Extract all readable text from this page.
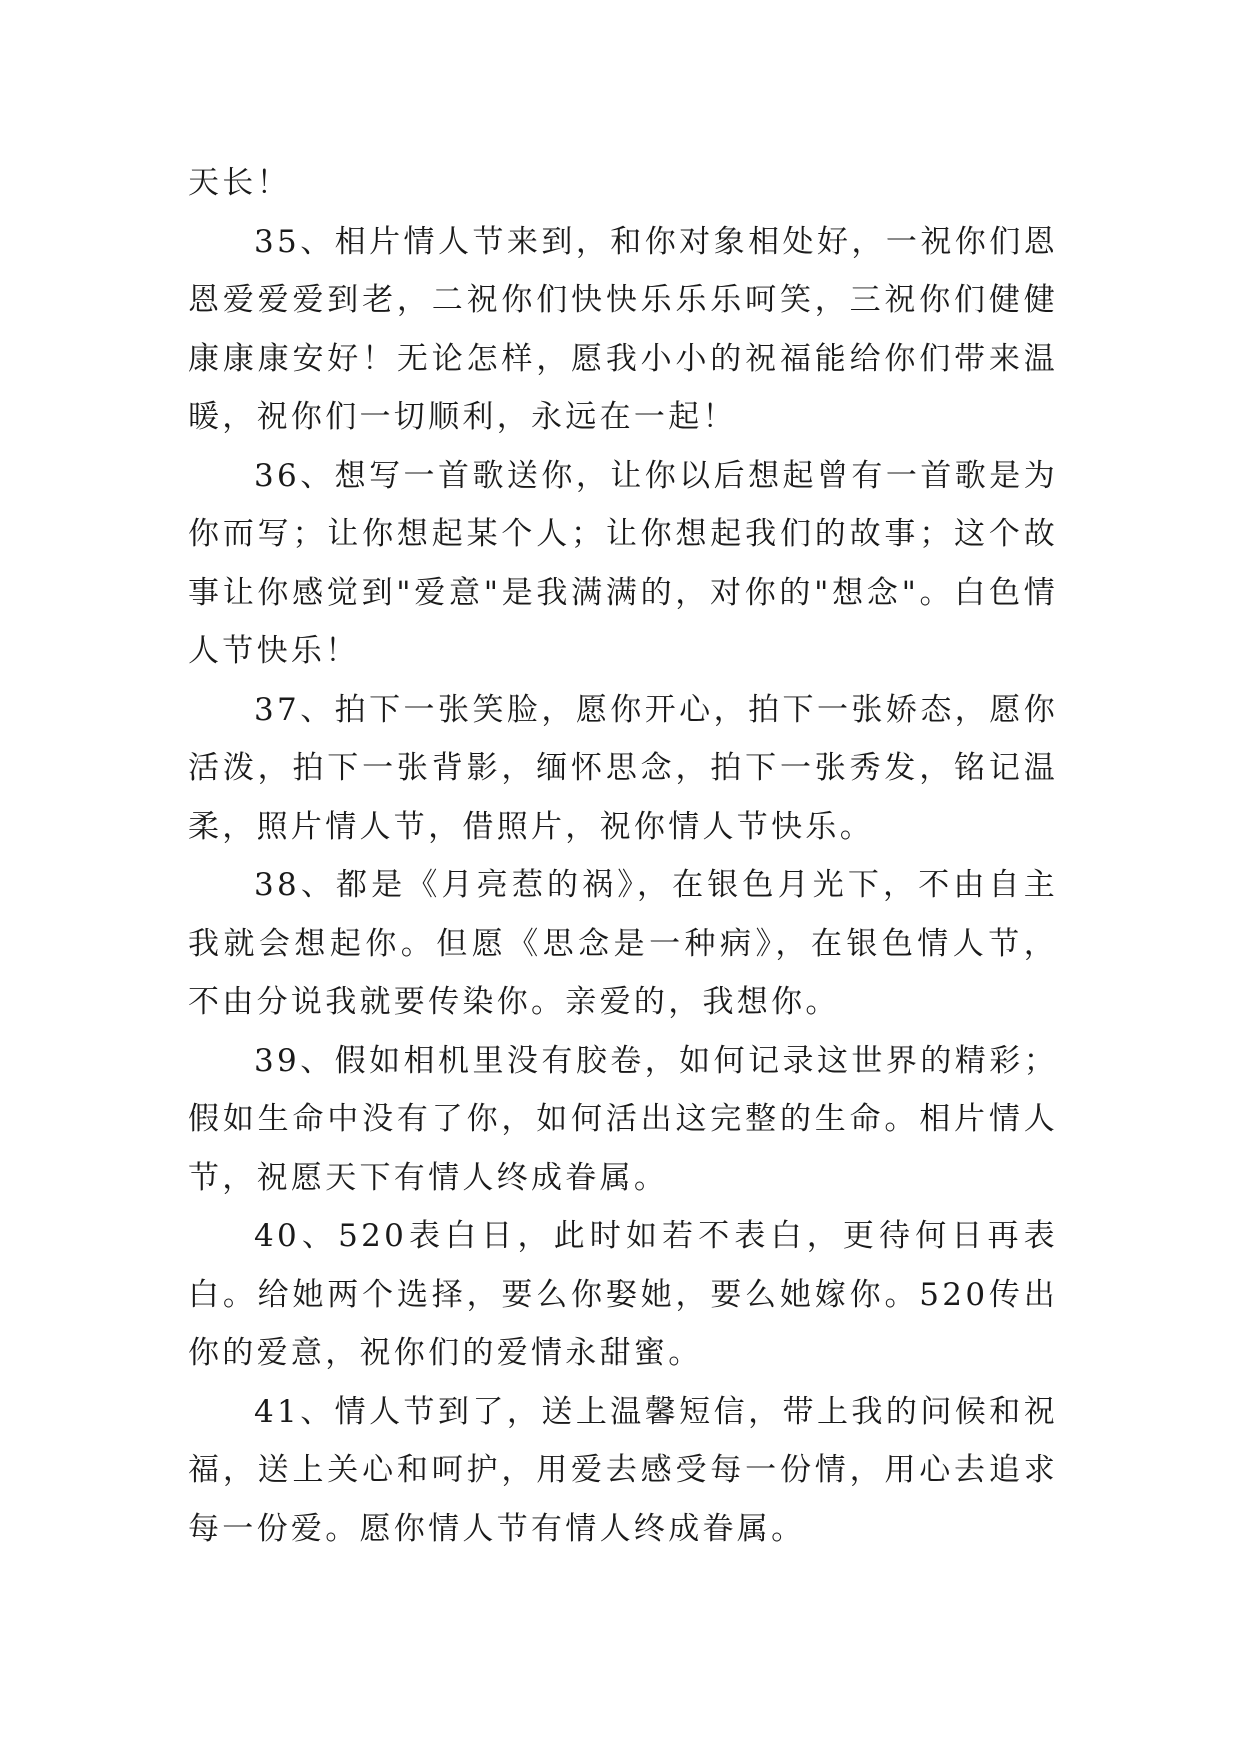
天长！

35、相片情人节来到，和你对象相处好，一祝你们恩恩爱爱爱到老，二祝你们快快乐乐乐呵笑，三祝你们健健康康康安好！无论怎样，愿我小小的祝福能给你们带来温暖，祝你们一切顺利，永远在一起！

36、想写一首歌送你，让你以后想起曾有一首歌是为你而写；让你想起某个人；让你想起我们的故事；这个故事让你感觉到"爱意"是我满满的，对你的"想念"。白色情人节快乐！

37、拍下一张笑脸，愿你开心，拍下一张娇态，愿你活泼，拍下一张背影，缅怀思念，拍下一张秀发，铭记温柔，照片情人节，借照片，祝你情人节快乐。

38、都是《月亮惹的祸》，在银色月光下，不由自主我就会想起你。但愿《思念是一种病》，在银色情人节，不由分说我就要传染你。亲爱的，我想你。

39、假如相机里没有胶卷，如何记录这世界的精彩；假如生命中没有了你，如何活出这完整的生命。相片情人节，祝愿天下有情人终成眷属。

40、520表白日，此时如若不表白，更待何日再表白。给她两个选择，要么你娶她，要么她嫁你。520传出你的爱意，祝你们的爱情永甜蜜。

41、情人节到了，送上温馨短信，带上我的问候和祝福，送上关心和呵护，用爱去感受每一份情，用心去追求每一份爱。愿你情人节有情人终成眷属。
